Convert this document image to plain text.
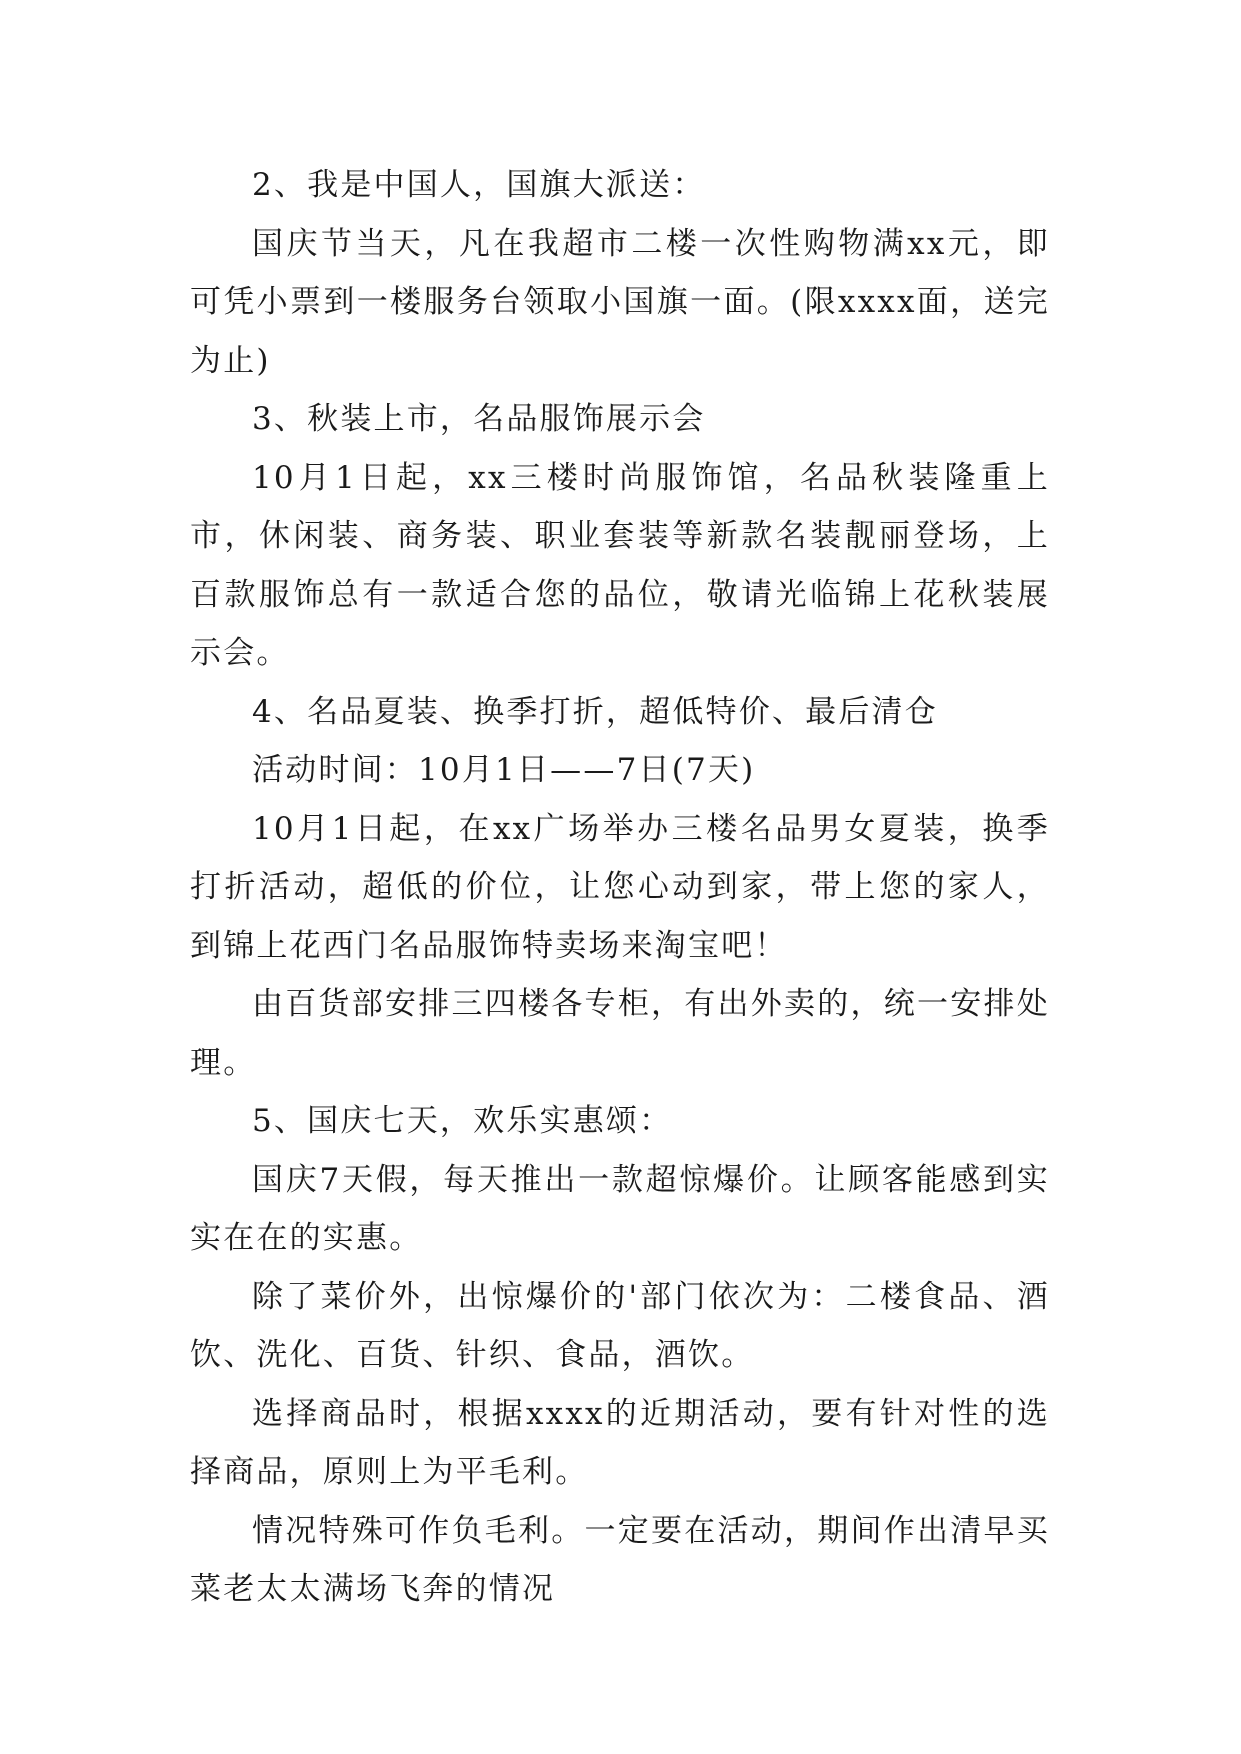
2、我是中国人，国旗大派送：

国庆节当天，凡在我超市二楼一次性购物满xx元，即可凭小票到一楼服务台领取小国旗一面。(限xxxx面，送完为止)

3、秋装上市，名品服饰展示会

10月1日起，xx三楼时尚服饰馆，名品秋装隆重上市，休闲装、商务装、职业套装等新款名装靓丽登场，上百款服饰总有一款适合您的品位，敬请光临锦上花秋装展示会。

4、名品夏装、换季打折，超低特价、最后清仓

活动时间：10月1日——7日(7天)

10月1日起，在xx广场举办三楼名品男女夏装，换季打折活动，超低的价位，让您心动到家，带上您的家人，到锦上花西门名品服饰特卖场来淘宝吧！

由百货部安排三四楼各专柜，有出外卖的，统一安排处理。

5、国庆七天，欢乐实惠颂：

国庆7天假，每天推出一款超惊爆价。让顾客能感到实实在在的实惠。

除了菜价外，出惊爆价的'部门依次为：二楼食品、酒饮、洗化、百货、针织、食品，酒饮。

选择商品时，根据xxxx的近期活动，要有针对性的选择商品，原则上为平毛利。

情况特殊可作负毛利。一定要在活动，期间作出清早买菜老太太满场飞奔的情况
